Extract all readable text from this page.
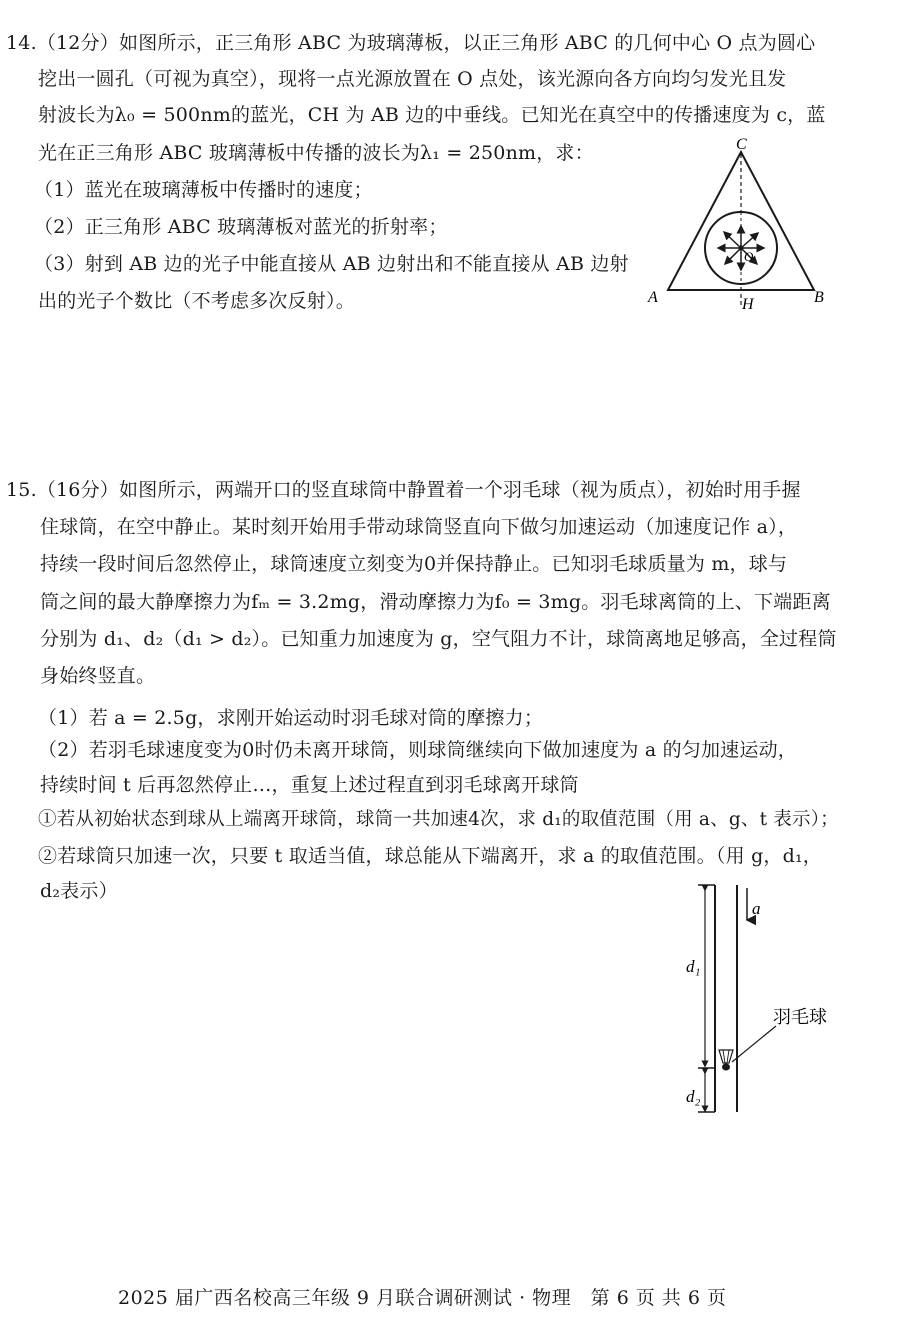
14.（12分）如图所示，正三角形 ABC 为玻璃薄板，以正三角形 ABC 的几何中心 O 点为圆心
挖出一圆孔（可视为真空），现将一点光源放置在 O 点处，该光源向各方向均匀发光且发
射波长为λ₀ = 500nm的蓝光，CH 为 AB 边的中垂线。已知光在真空中的传播速度为 c，蓝
光在正三角形 ABC 玻璃薄板中传播的波长为λ₁ = 250nm，求：
（1）蓝光在玻璃薄板中传播时的速度；
（2）正三角形 ABC 玻璃薄板对蓝光的折射率；
（3）射到 AB 边的光子中能直接从 AB 边射出和不能直接从 AB 边射
出的光子个数比（不考虑多次反射）。
C
A	B
H
O
15.（16分）如图所示，两端开口的竖直球筒中静置着一个羽毛球（视为质点），初始时用手握
住球筒，在空中静止。某时刻开始用手带动球筒竖直向下做匀加速运动（加速度记作 a），
持续一段时间后忽然停止，球筒速度立刻变为0并保持静止。已知羽毛球质量为 m，球与
筒之间的最大静摩擦力为fₘ = 3.2mg，滑动摩擦力为f₀ = 3mg。羽毛球离筒的上、下端距离
分别为 d₁、d₂（d₁ > d₂）。已知重力加速度为 g，空气阻力不计，球筒离地足够高，全过程筒
身始终竖直。
（1）若 a = 2.5g，求刚开始运动时羽毛球对筒的摩擦力；
（2）若羽毛球速度变为0时仍未离开球筒，则球筒继续向下做加速度为 a 的匀加速运动，
持续时间 t 后再忽然停止…，重复上述过程直到羽毛球离开球筒
①若从初始状态到球从上端离开球筒，球筒一共加速4次，求 d₁的取值范围（用 a、g、t 表示）；
②若球筒只加速一次，只要 t 取适当值，球总能从下端离开，求 a 的取值范围。（用 g，d₁，
d₂表示）
a
d₁
d₂
羽毛球
2025 届广西名校高三年级 9 月联合调研测试 · 物理　第 6 页 共 6 页
